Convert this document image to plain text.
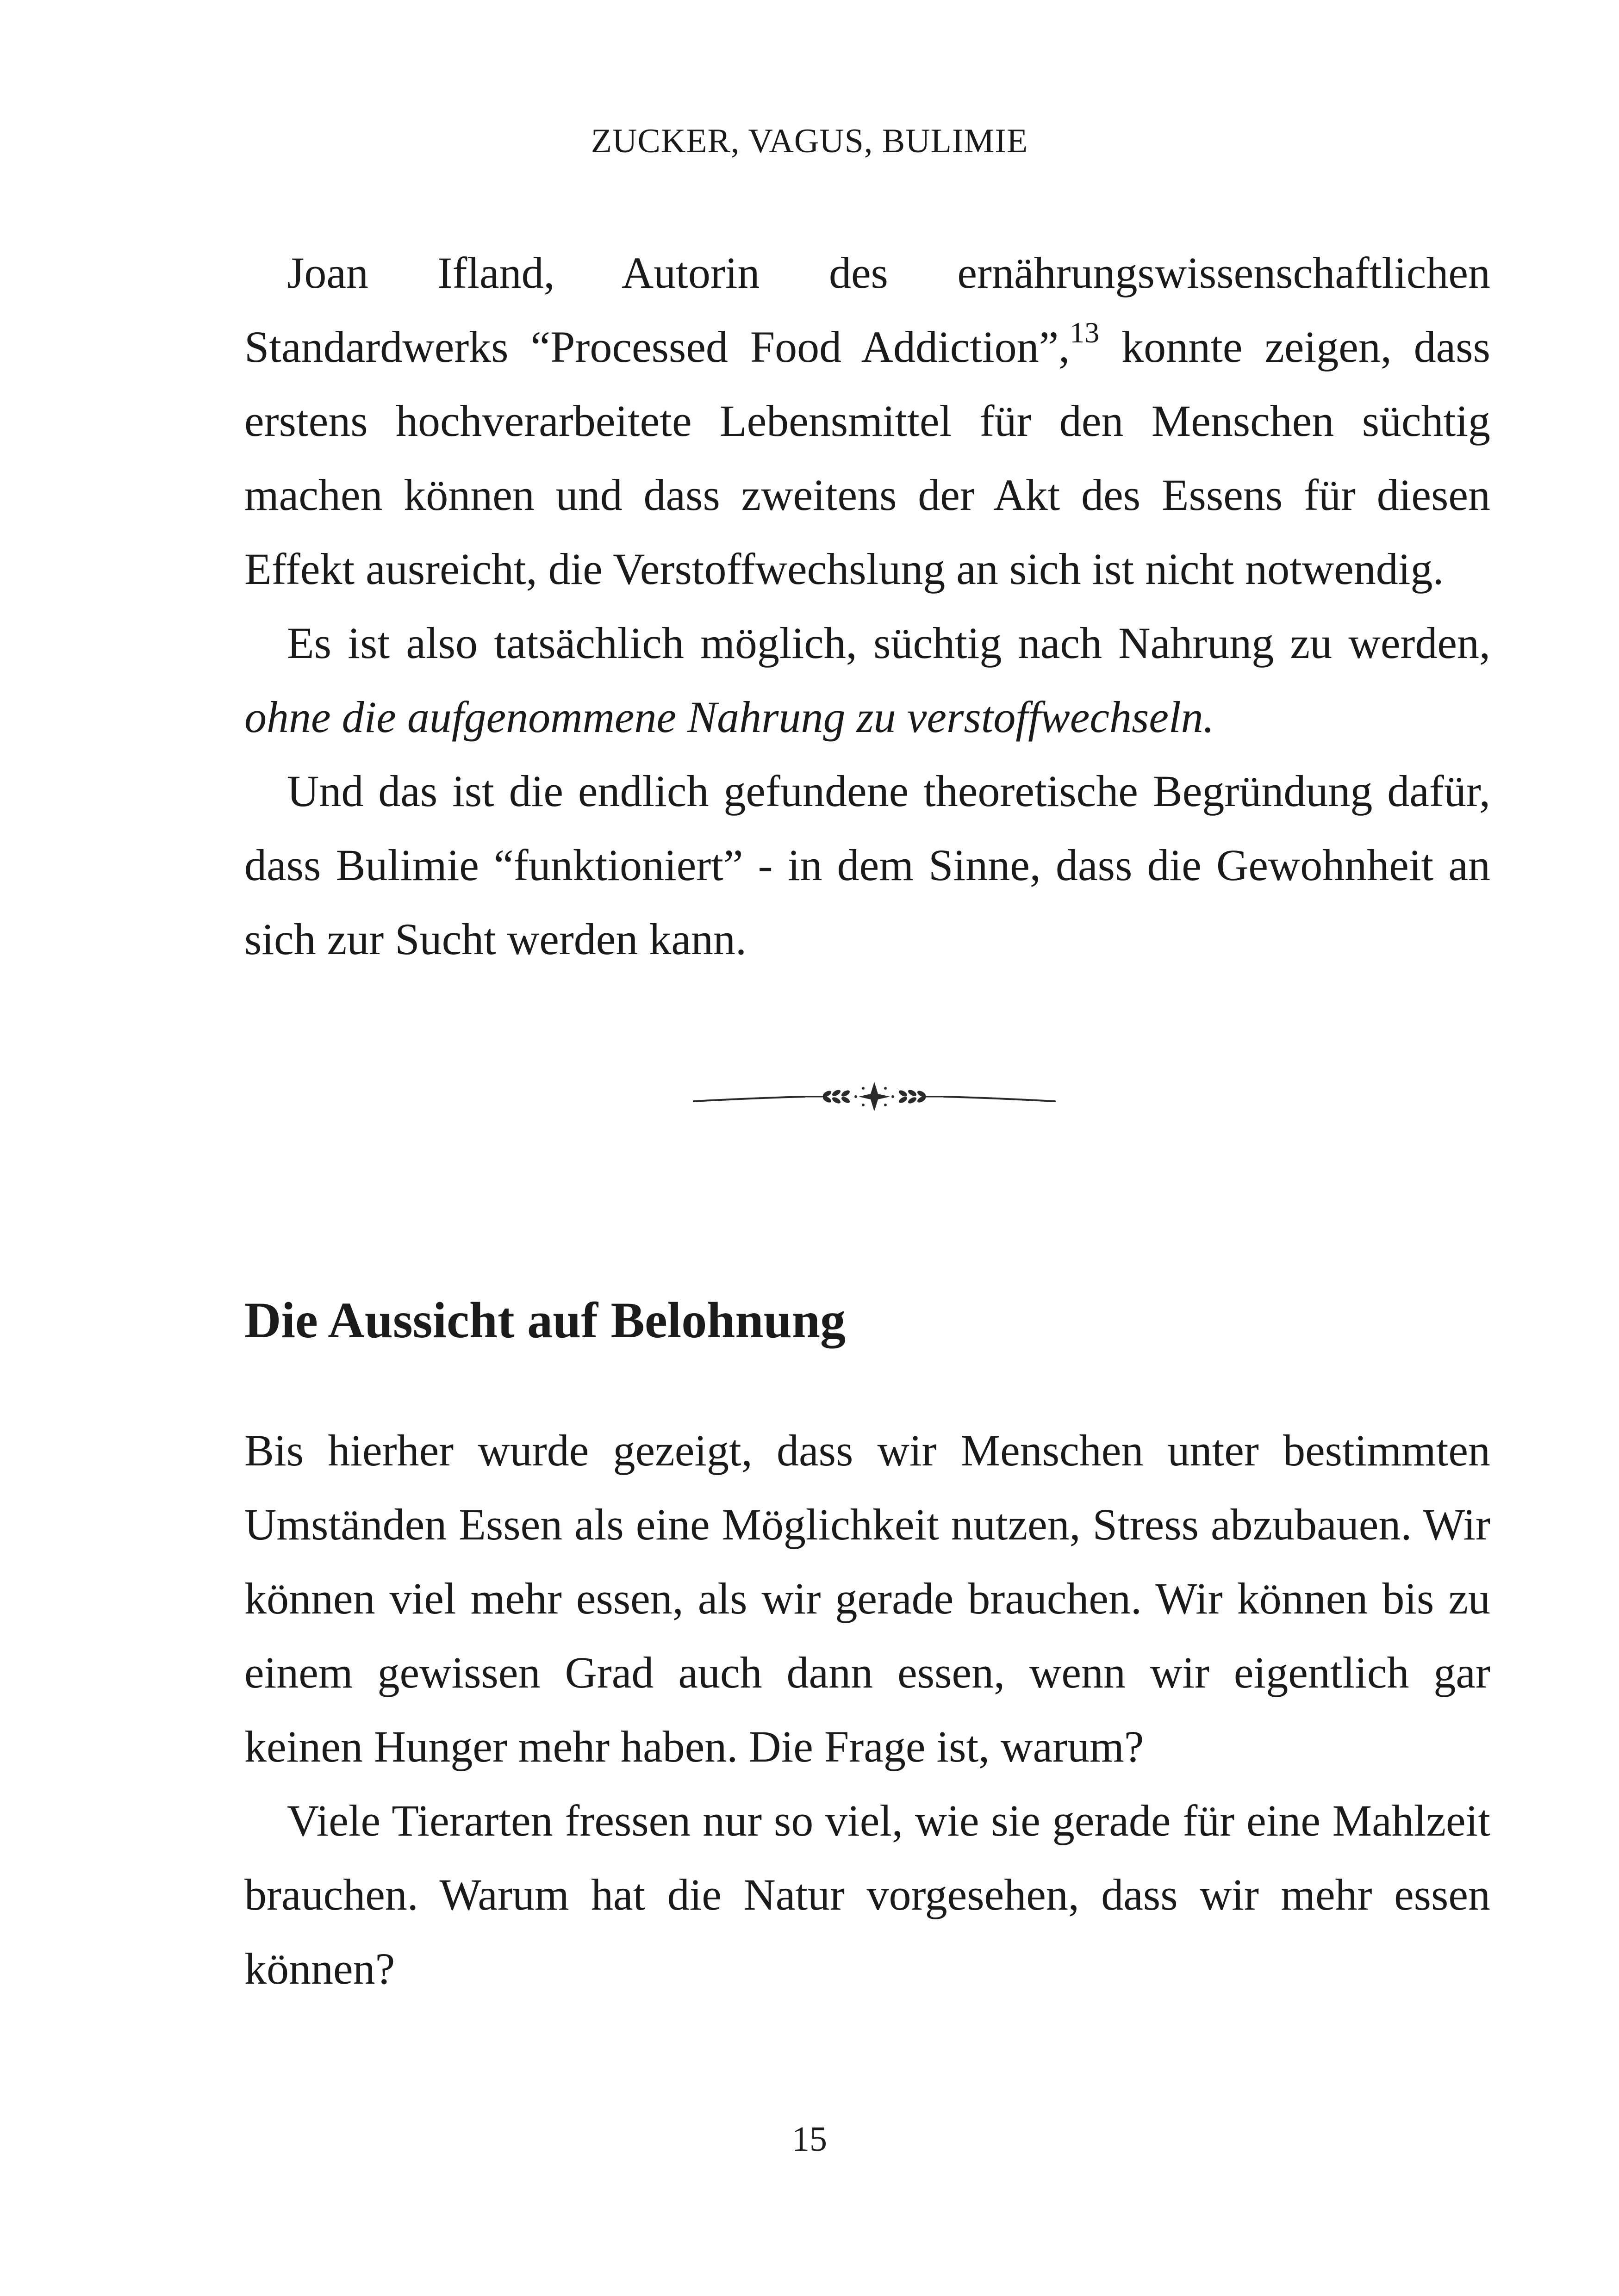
ZUCKER, VAGUS, BULIMIE

Joan Ifland, Autorin des ernährungswissenschaftlichen Standardwerks “Processed Food Addiction”,$^{13}$ konnte zeigen, dass erstens hochverarbeitete Lebensmittel für den Menschen süchtig machen können und dass zweitens der Akt des Essens für diesen Effekt ausreicht, die Verstoffwechslung an sich ist nicht notwendig.

Es ist also tatsächlich möglich, süchtig nach Nahrung zu werden, ohne die aufgenommene Nahrung zu verstoffwechseln.

Und das ist die endlich gefundene theoretische Begründung dafür, dass Bulimie “funktioniert” - in dem Sinne, dass die Gewohnheit an sich zur Sucht werden kann.

Die Aussicht auf Belohnung

Bis hierher wurde gezeigt, dass wir Menschen unter bestimmten Umständen Essen als eine Möglichkeit nutzen, Stress abzubauen. Wir können viel mehr essen, als wir gerade brauchen. Wir können bis zu einem gewissen Grad auch dann essen, wenn wir eigentlich gar keinen Hunger mehr haben. Die Frage ist, warum?

Viele Tierarten fressen nur so viel, wie sie gerade für eine Mahlzeit brauchen. Warum hat die Natur vorgesehen, dass wir mehr essen können?

15
